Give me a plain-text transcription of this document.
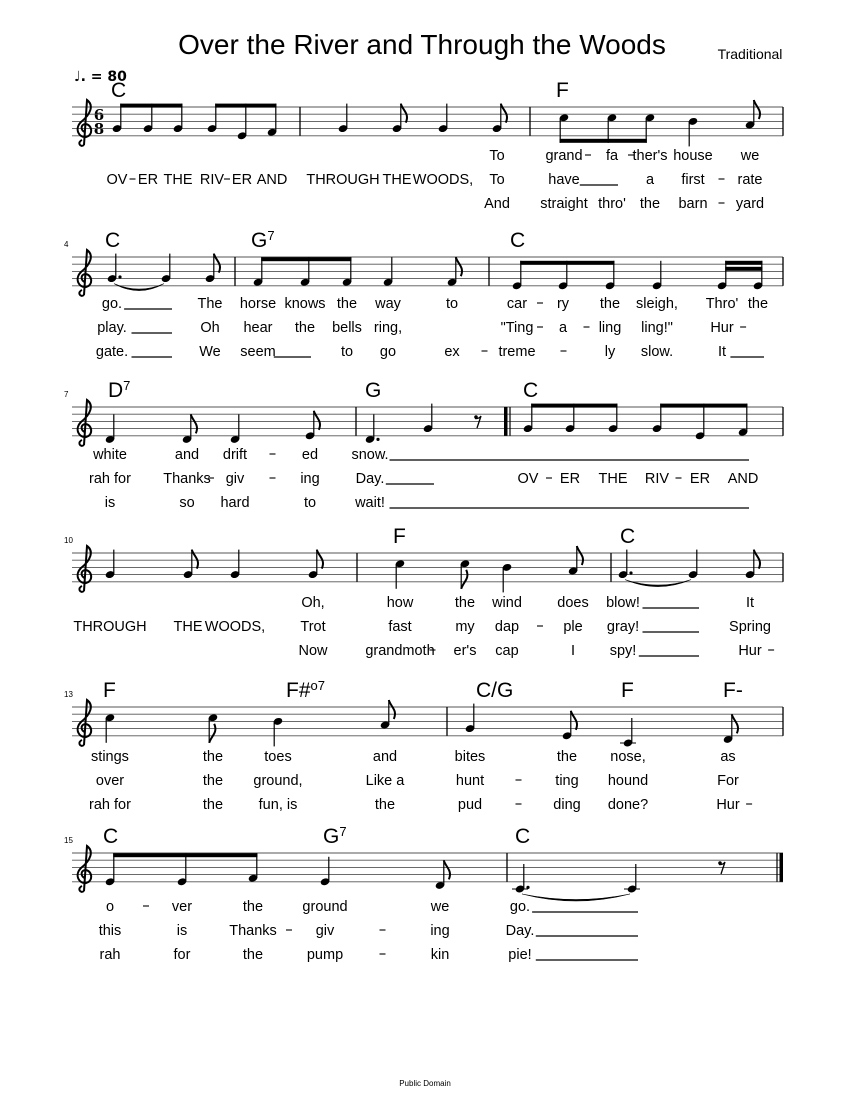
Over the River and Through the Woods	Traditional
♩. = 80
6
8
Public Domain
C	F
To	grand fa ther's house we
OV ER THE RIV ER AND THROUGH THE WOODS, To	have	a first rate
And straight thro' the barn yard
4 C	$G^7$	C
go.	The horse knows the way	to	car ry the sleigh, Thro' the
play.	Oh hear the bells ring,	"Ting a ling ling!"	Hur
gate.	We seem	to go	ex	treme	ly slow.	It
7 $D^7$	G	C
white	and drift	ed snow.
rah for Thanks giv	ing Day.	OV ER THE RIV ER AND
is	so hard	to	wait!
10	F	C
Oh,	how	the wind does blow!	It
THROUGH THE WOODS, Trot	fast	my dap	ple gray!	Spring
Now	grandmoth er's cap	I spy!	Hur
13 F	F#$^{o7}$	C/G	F	F-
stings	the	toes	and	bites	the nose,	as
over	the ground,	Like a	hunt	ting hound	For
rah for	the fun, is	the	pud	ding done?	Hur
15 C	$G^7$	C
o	ver	the	ground	we	go.
this	is	Thanks	giv	ing	Day.
rah	for	the	pump	kin	pie!
